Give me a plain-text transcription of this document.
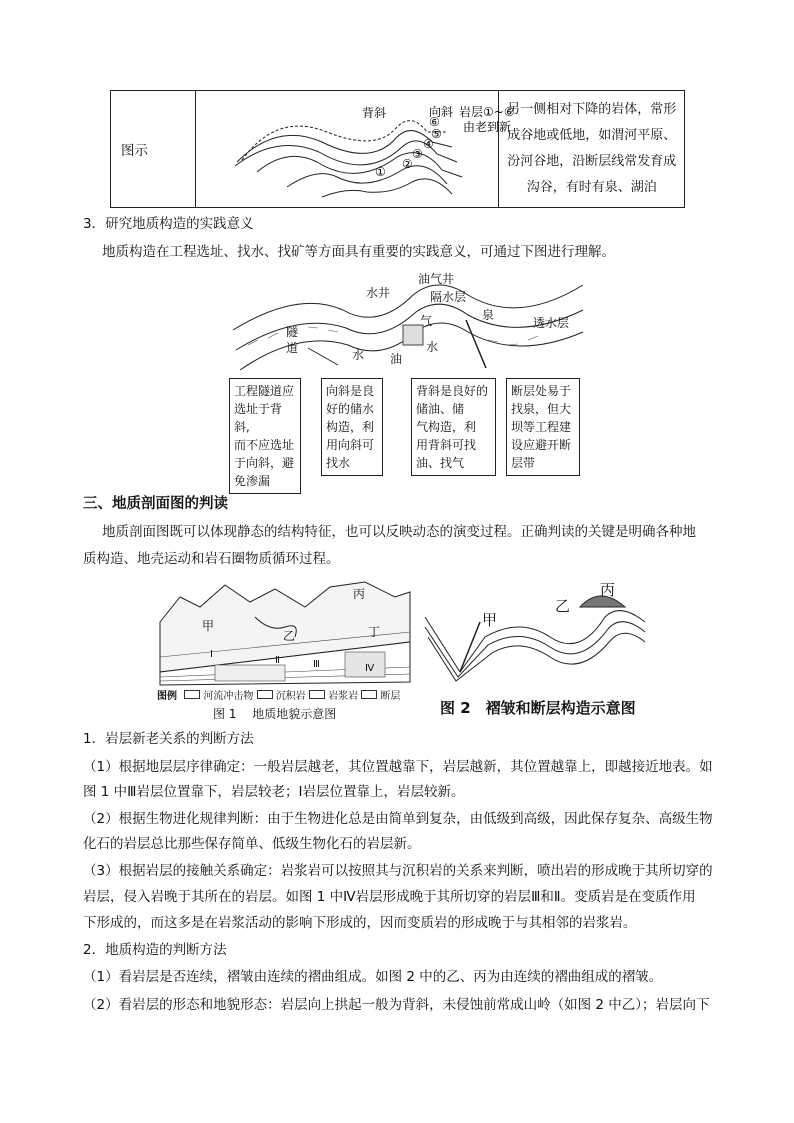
图示	
①
②
③
④
⑤
⑥
背斜	向斜 岩层①~⑥
由老到新

另一侧相对下降的岩体，常形
成谷地或低地，如渭河平原、
汾河谷地，沿断层线常发育成
沟谷，有时有泉、湖泊
3．研究地质构造的实践意义
地质构造在工程选址、找水、找矿等方面具有重要的实践意义，可通过下图进行理解。
油气井
水井	隔水层
泉
透水层
气
油
水
水
隧道
工程隧道应
选址于背斜,
而不应选址
于向斜，避
免渗漏
向斜是良
好的储水
构造，利
用向斜可
找水
背斜是良好的
储油、储
气构造，利
用背斜可找
油、找气
断层处易于
找泉，但大
坝等工程建
设应避开断
层带
三、地质剖面图的判读
地质剖面图既可以体现静态的结构特征，也可以反映动态的演变过程。正确判读的关键是明确各种地
质构造、地壳运动和岩石圈物质循环过程。
甲
乙
丙
丁
Ⅰ
Ⅱ	Ⅲ	Ⅳ
图例	河流冲击物 沉积岩 岩浆岩 断层
图 1　 地质地貌示意图
甲
乙
丙
图 2　褶皱和断层构造示意图
1．岩层新老关系的判断方法
（1）根据地层层序律确定：一般岩层越老，其位置越靠下，岩层越新，其位置越靠上，即越接近地表。如
图 1 中Ⅲ岩层位置靠下，岩层较老；Ⅰ岩层位置靠上，岩层较新。
（2）根据生物进化规律判断：由于生物进化总是由简单到复杂，由低级到高级，因此保存复杂、高级生物
化石的岩层总比那些保存简单、低级生物化石的岩层新。
（3）根据岩层的接触关系确定：岩浆岩可以按照其与沉积岩的关系来判断，喷出岩的形成晚于其所切穿的
岩层，侵入岩晚于其所在的岩层。如图 1 中Ⅳ岩层形成晚于其所切穿的岩层Ⅲ和Ⅱ。变质岩是在变质作用
下形成的，而这多是在岩浆活动的影响下形成的，因而变质岩的形成晚于与其相邻的岩浆岩。
2．地质构造的判断方法
（1）看岩层是否连续，褶皱由连续的褶曲组成。如图 2 中的乙、丙为由连续的褶曲组成的褶皱。
（2）看岩层的形态和地貌形态：岩层向上拱起一般为背斜，未侵蚀前常成山岭（如图 2 中乙）；岩层向下
